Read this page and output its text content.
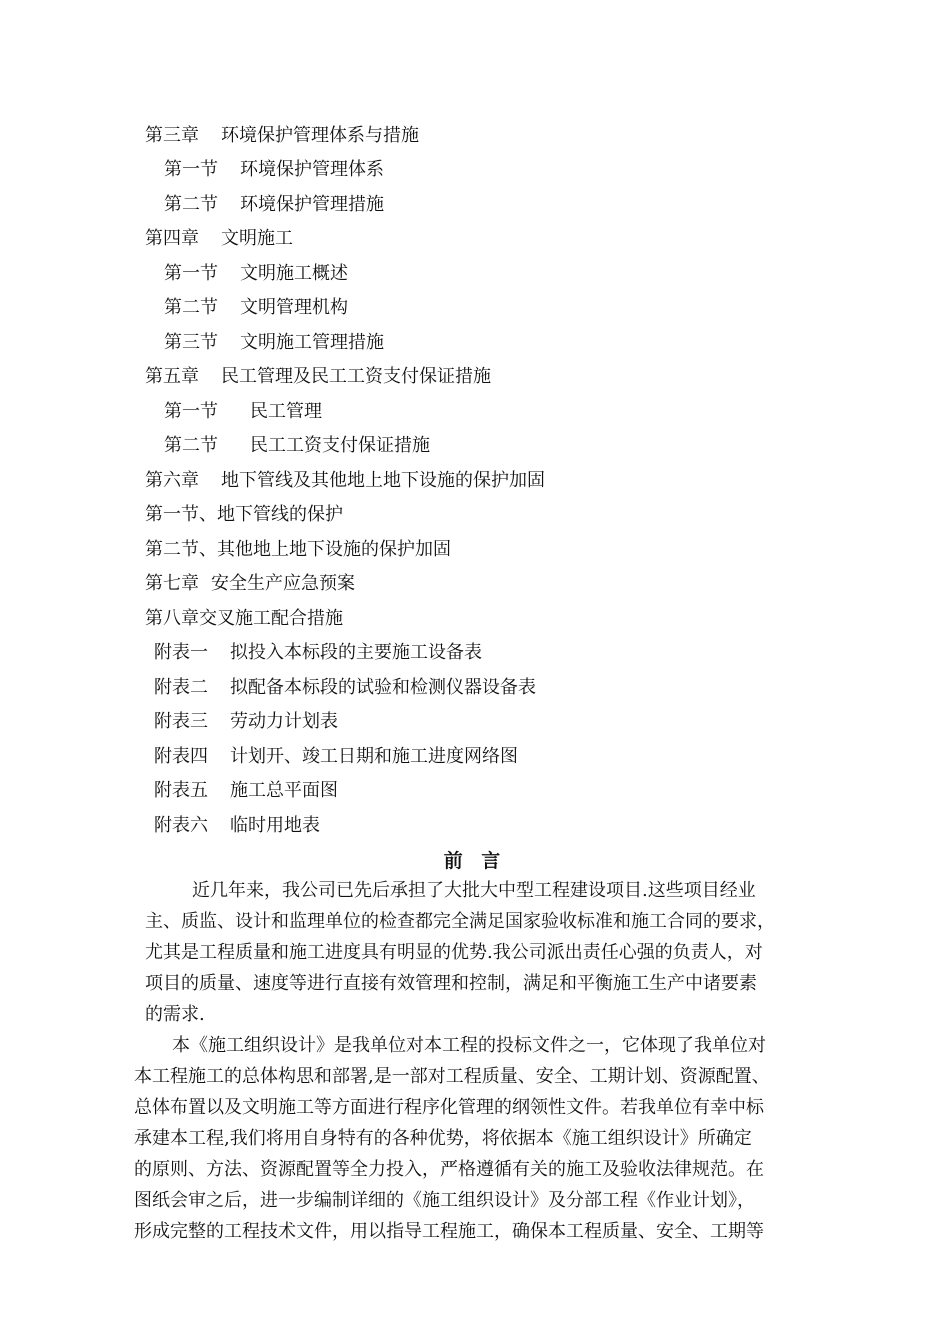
第三章 环境保护管理体系与措施
第一节 环境保护管理体系
第二节 环境保护管理措施
第四章 文明施工
第一节 文明施工概述
第二节 文明管理机构
第三节 文明施工管理措施
第五章 民工管理及民工工资支付保证措施
第一节 民工管理
第二节 民工工资支付保证措施
第六章 地下管线及其他地上地下设施的保护加固
第一节、地下管线的保护
第二节、其他地上地下设施的保护加固
第七章 安全生产应急预案
第八章交叉施工配合措施
附表一 拟投入本标段的主要施工设备表
附表二 拟配备本标段的试验和检测仪器设备表
附表三 劳动力计划表
附表四 计划开、竣工日期和施工进度网络图
附表五 施工总平面图
附表六 临时用地表
前 言
近几年来，我公司已先后承担了大批大中型工程建设项目.这些项目经业
主、质监、设计和监理单位的检查都完全满足国家验收标准和施工合同的要求，
尤其是工程质量和施工进度具有明显的优势.我公司派出责任心强的负责人，对
项目的质量、速度等进行直接有效管理和控制，满足和平衡施工生产中诸要素
的需求.
本《施工组织设计》是我单位对本工程的投标文件之一，它体现了我单位对
本工程施工的总体构思和部署,是一部对工程质量、安全、工期计划、资源配置、
总体布置以及文明施工等方面进行程序化管理的纲领性文件。若我单位有幸中标
承建本工程,我们将用自身特有的各种优势，将依据本《施工组织设计》所确定
的原则、方法、资源配置等全力投入，严格遵循有关的施工及验收法律规范。在
图纸会审之后，进一步编制详细的《施工组织设计》及分部工程《作业计划》，
形成完整的工程技术文件，用以指导工程施工，确保本工程质量、安全、工期等
